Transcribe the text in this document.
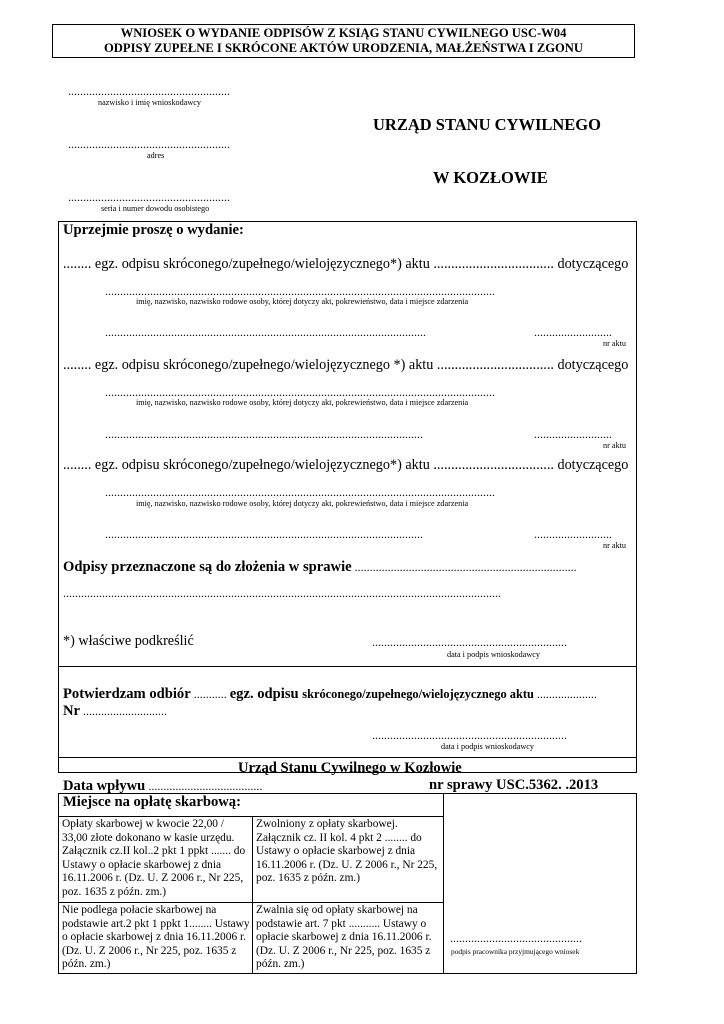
WNIOSEK O WYDANIE ODPISÓW Z KSIĄG STANU CYWILNEGO USC-W04
ODPISY ZUPEŁNE I SKRÓCONE AKTÓW URODZENIA, MAŁŻEŃSTWA I ZGONU
......................................................
nazwisko i imię wnioskodawcy
......................................................
adres
......................................................
seria i numer dowodu osobistego
URZĄD STANU CYWILNEGO
W KOZŁOWIE
Uprzejmie proszę o wydanie:
........ egz. odpisu skróconego/zupełnego/wielojęzycznego*) aktu .................................. dotyczącego
..................................................................................................................................
imię, nazwisko, nazwisko rodowe osoby, której dotyczy akt, pokrewieństwo, data i miejsce zdarzenia
...........................................................................................................	..........................
nr aktu
........ egz. odpisu skróconego/zupełnego/wielojęzycznego *) aktu ................................. dotyczącego
..................................................................................................................................
imię, nazwisko, nazwisko rodowe osoby, której dotyczy akt, pokrewieństwo, data i miejsce zdarzenia
..........................................................................................................	..........................
nr aktu
........ egz. odpisu skróconego/zupełnego/wielojęzycznego*) aktu .................................. dotyczącego
..................................................................................................................................
imię, nazwisko, nazwisko rodowe osoby, której dotyczy akt, pokrewieństwo, data i miejsce zdarzenia
..........................................................................................................	..........................
nr aktu
Odpisy przeznaczone są do złożenia w sprawie ..........................................................................
..................................................................................................................................................
*) właściwe podkreślić	.................................................................
data i podpis wnioskodawcy
Potwierdzam odbiór ........... egz. odpisu skróconego/zupełnego/wielojęzycznego aktu ....................
Nr ............................
.................................................................
data i podpis wnioskodawcy
Urząd Stanu Cywilnego w Kozłowie
Data wpływu ......................................	nr sprawy USC.5362. .2013
Miejsce na opłatę skarbową:
Opłaty skarbowej w kwocie 22,00 / 33,00 złote dokonano w kasie urzędu. Załącznik cz.II kol..2 pkt 1 ppkt ....... do Ustawy o opłacie skarbowej z dnia 16.11.2006 r. (Dz. U. Z 2006 r., Nr 225, poz. 1635 z późn. zm.)
Zwolniony z opłaty skarbowej. Załącznik cz. II kol. 4 pkt 2 ........ do Ustawy o opłacie skarbowej z dnia 16.11.2006 r. (Dz. U. Z 2006 r., Nr 225, poz. 1635 z późn. zm.)
Nie podlega połacie skarbowej na podstawie art.2 pkt 1 ppkt 1........ Ustawy o opłacie skarbowej z dnia 16.11.2006 r. (Dz. U. Z 2006 r., Nr 225, poz. 1635 z późn. zm.)
Zwalnia się od opłaty skarbowej na podstawie art. 7 pkt ........... Ustawy o opłacie skarbowej z dnia 16.11.2006 r. (Dz. U. Z 2006 r., Nr 225, poz. 1635 z późn. zm.)
............................................
podpis pracownika przyjmującego wniosek
